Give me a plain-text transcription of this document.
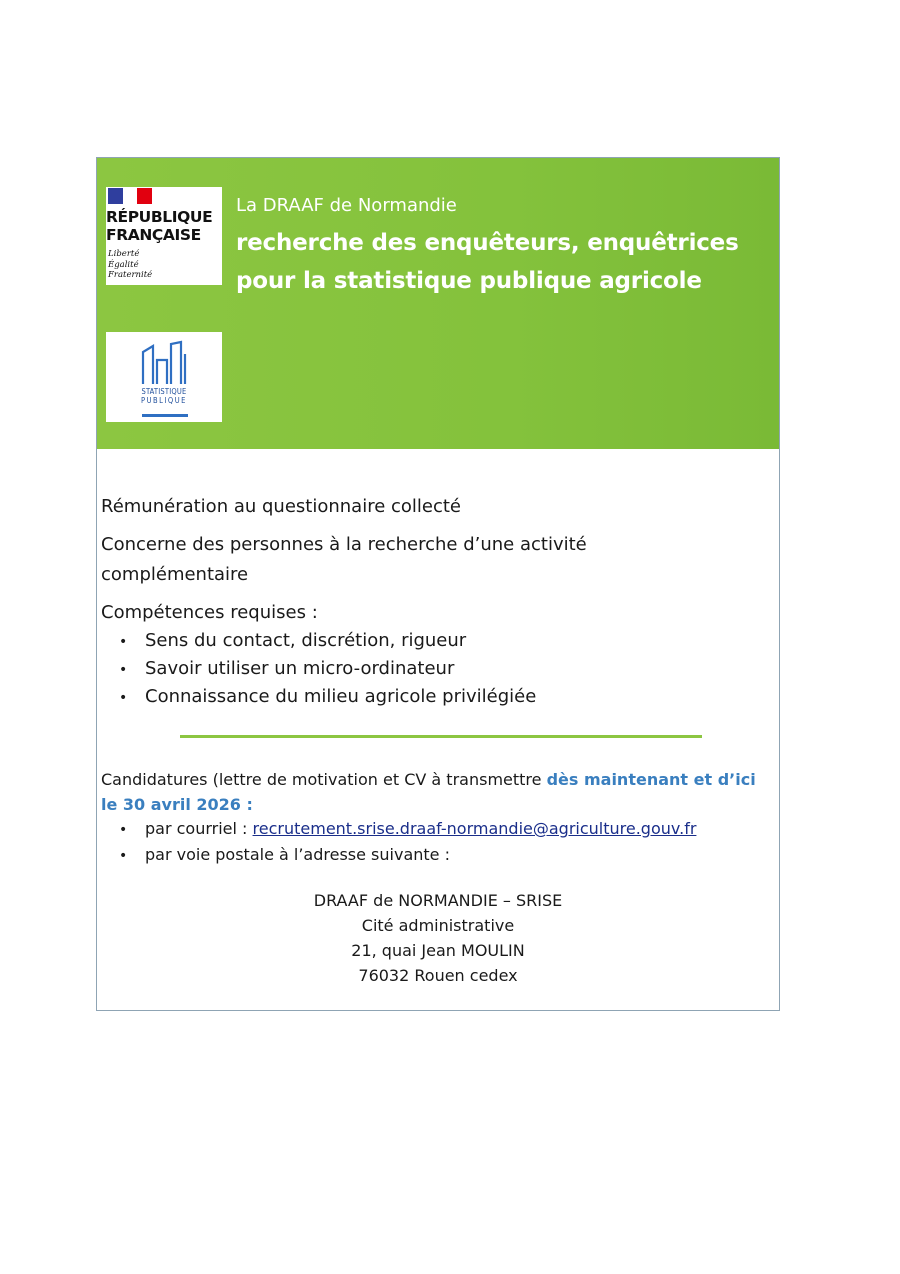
RÉPUBLIQUE
FRANÇAISE
Liberté
Égalité
Fraternité
STATISTIQUE
PUBLIQUE
La DRAAF de Normandie
recherche des enquêteurs, enquêtrices
pour la statistique publique agricole
Rémunération au questionnaire collecté
Concerne des personnes à la recherche d’une activité
complémentaire
Compétences requises :
• Sens du contact, discrétion, rigueur
• Savoir utiliser un micro-ordinateur
• Connaissance du milieu agricole privilégiée
Candidatures (lettre de motivation et CV à transmettre dès maintenant et d’ici
le 30 avril 2026 :
• par courriel : recrutement.srise.draaf-normandie@agriculture.gouv.fr
• par voie postale à l’adresse suivante :
DRAAF de NORMANDIE – SRISE
Cité administrative
21, quai Jean MOULIN
76032 Rouen cedex
